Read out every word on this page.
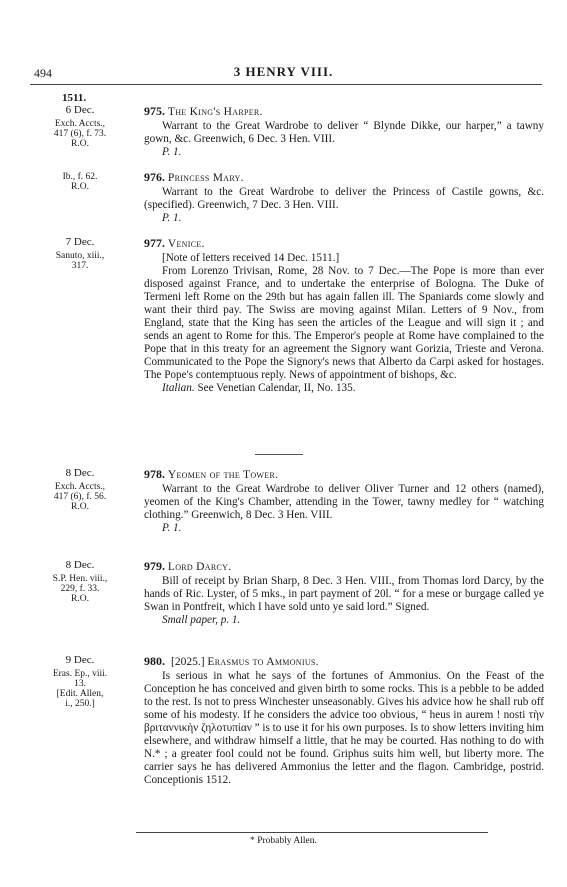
494	3 HENRY VIII.
1511.
6 Dec.
Exch. Accts.,
417 (6), f. 73.
R.O.
975. The King's Harper.

Warrant to the Great Wardrobe to deliver “ Blynde Dikke, our harper,” a tawny gown, &c. Greenwich, 6 Dec. 3 Hen. VIII.

P. 1.

Ib., f. 62.
R.O.
976. Princess Mary.

Warrant to the Great Wardrobe to deliver the Princess of Castile gowns, &c. (specified). Greenwich, 7 Dec. 3 Hen. VIII.

P. 1.

7 Dec.
Sanuto, xiii.,
317.
977. Venice.

[Note of letters received 14 Dec. 1511.]

From Lorenzo Trivisan, Rome, 28 Nov. to 7 Dec.—The Pope is more than ever disposed against France, and to undertake the enterprise of Bologna. The Duke of Termeni left Rome on the 29th but has again fallen ill. The Spaniards come slowly and want their third pay. The Swiss are moving against Milan. Letters of 9 Nov., from England, state that the King has seen the articles of the League and will sign it ; and sends an agent to Rome for this. The Emperor's people at Rome have complained to the Pope that in this treaty for an agreement the Signory want Gorizia, Trieste and Verona. Communicated to the Pope the Signory's news that Alberto da Carpi asked for hostages. The Pope's contemptuous reply. News of appointment of bishops, &c.

Italian. See Venetian Calendar, II, No. 135.

8 Dec.
Exch. Accts.,
417 (6), f. 56.
R.O.
978. Yeomen of the Tower.

Warrant to the Great Wardrobe to deliver Oliver Turner and 12 others (named), yeomen of the King's Chamber, attending in the Tower, tawny medley for “ watching clothing.” Greenwich, 8 Dec. 3 Hen. VIII.

P. 1.

8 Dec.
S.P. Hen. viii.,
229, f. 33.
R.O.
979. Lord Darcy.

Bill of receipt by Brian Sharp, 8 Dec. 3 Hen. VIII., from Thomas lord Darcy, by the hands of Ric. Lyster, of 5 mks., in part payment of 20l. “ for a mese or burgage called ye Swan in Pontfreit, which I have sold unto ye said lord.” Signed.

Small paper, p. 1.

9 Dec.
Eras. Ep., viii.
13.
[Edit. Allen,
i., 250.]
980. [2025.] Erasmus to Ammonius.

Is serious in what he says of the fortunes of Ammonius. On the Feast of the Conception he has conceived and given birth to some rocks. This is a pebble to be added to the rest. Is not to press Winchester unseasonably. Gives his advice how he shall rub off some of his modesty. If he considers the advice too obvious, “ heus in aurem ! nosti τὴν βριταννικὴν ζηλοτυπίαν ” is to use it for his own purposes. Is to show letters inviting him elsewhere, and withdraw himself a little, that he may be courted. Has nothing to do with N.* ; a greater fool could not be found. Griphus suits him well, but liberty more. The carrier says he has delivered Ammonius the letter and the flagon. Cambridge, postrid. Conceptionis 1512.

* Probably Allen.
